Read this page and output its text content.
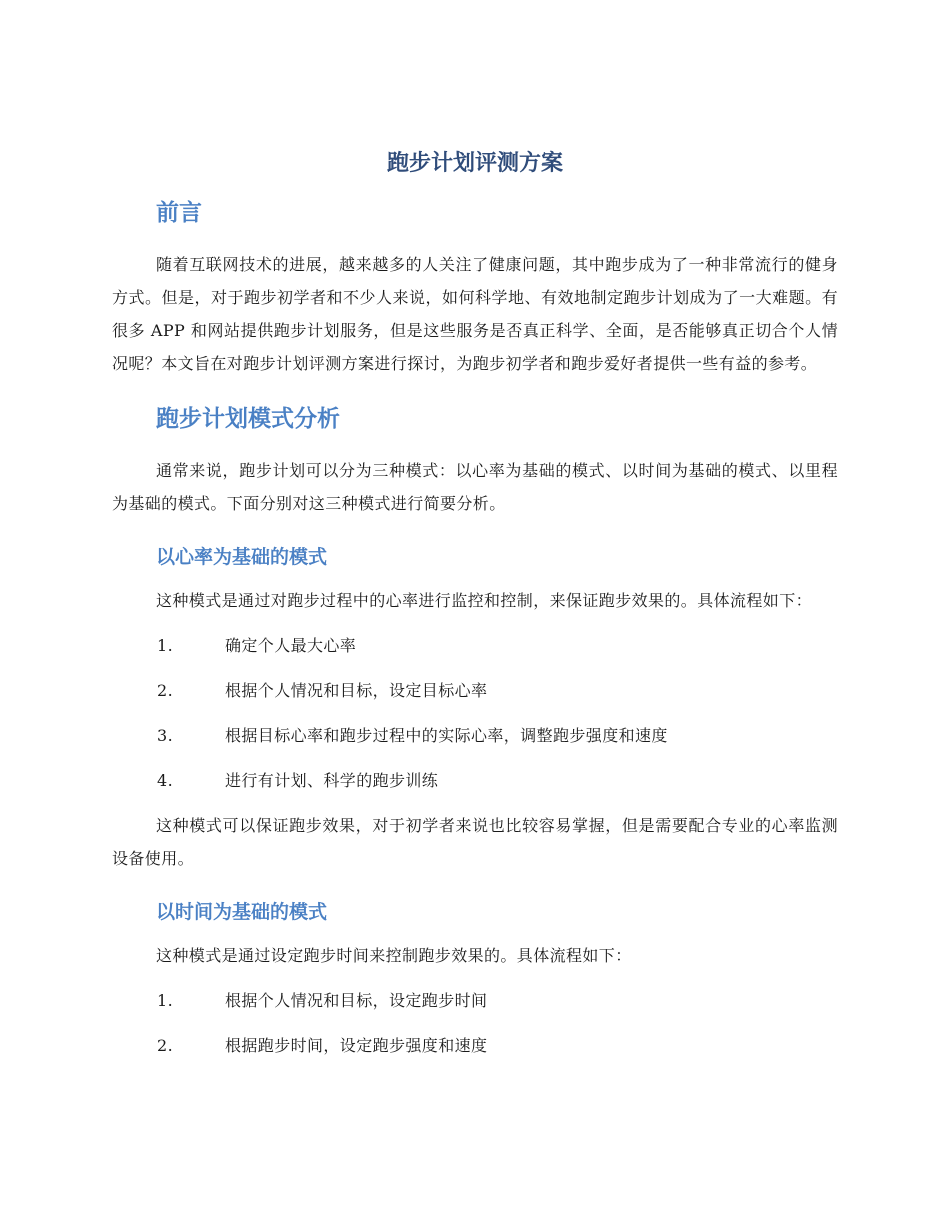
跑步计划评测方案
前言

随着互联网技术的进展，越来越多的人关注了健康问题，其中跑步成为了一种非常流行的健身方式。但是，对于跑步初学者和不少人来说，如何科学地、有效地制定跑步计划成为了一大难题。有很多 APP 和网站提供跑步计划服务，但是这些服务是否真正科学、全面，是否能够真正切合个人情况呢？本文旨在对跑步计划评测方案进行探讨，为跑步初学者和跑步爱好者提供一些有益的参考。

跑步计划模式分析

通常来说，跑步计划可以分为三种模式：以心率为基础的模式、以时间为基础的模式、以里程为基础的模式。下面分别对这三种模式进行简要分析。

以心率为基础的模式

这种模式是通过对跑步过程中的心率进行监控和控制，来保证跑步效果的。具体流程如下：

1.	确定个人最大心率
2.	根据个人情况和目标，设定目标心率
3.	根据目标心率和跑步过程中的实际心率，调整跑步强度和速度
4.	进行有计划、科学的跑步训练

这种模式可以保证跑步效果，对于初学者来说也比较容易掌握，但是需要配合专业的心率监测设备使用。

以时间为基础的模式

这种模式是通过设定跑步时间来控制跑步效果的。具体流程如下：

1.	根据个人情况和目标，设定跑步时间
2.	根据跑步时间，设定跑步强度和速度
